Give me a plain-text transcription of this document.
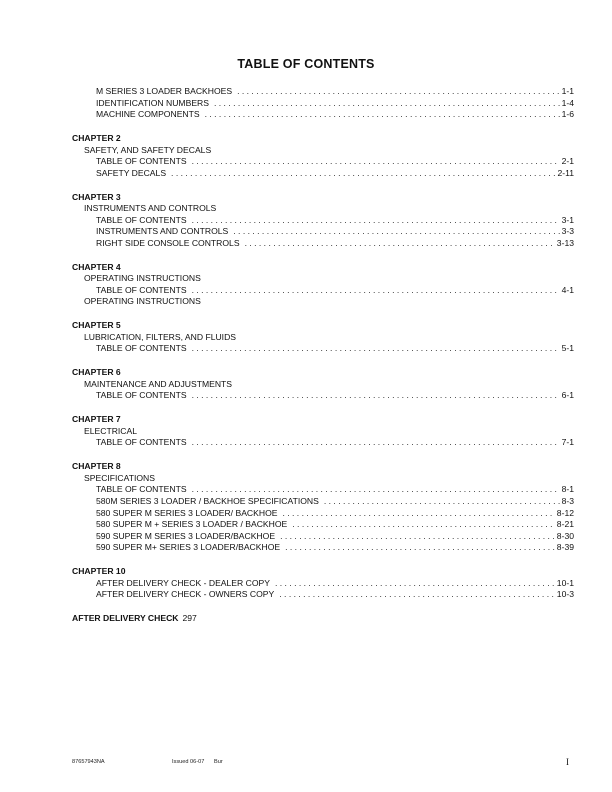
TABLE OF CONTENTS
M SERIES 3 LOADER BACKHOES . . .	1-1
IDENTIFICATION NUMBERS . . .	1-4
MACHINE COMPONENTS . . .	1-6
CHAPTER 2
SAFETY, AND SAFETY DECALS
TABLE OF CONTENTS . . .	2-1
SAFETY DECALS . . .	2-11
CHAPTER 3
INSTRUMENTS AND CONTROLS
TABLE OF CONTENTS . . .	3-1
INSTRUMENTS AND CONTROLS . . .	3-3
RIGHT SIDE CONSOLE CONTROLS . . .	3-13
CHAPTER 4
OPERATING INSTRUCTIONS
TABLE OF CONTENTS . . .	4-1
OPERATING INSTRUCTIONS
CHAPTER 5
LUBRICATION, FILTERS, AND FLUIDS
TABLE OF CONTENTS . . .	5-1
CHAPTER 6
MAINTENANCE AND ADJUSTMENTS
TABLE OF CONTENTS . . .	6-1
CHAPTER 7
ELECTRICAL
TABLE OF CONTENTS . . .	7-1
CHAPTER 8
SPECIFICATIONS
TABLE OF CONTENTS . . .	8-1
580M SERIES 3 LOADER / BACKHOE SPECIFICATIONS . . .	8-3
580 SUPER M SERIES 3 LOADER/ BACKHOE . . .	8-12
580 SUPER M + SERIES 3 LOADER / BACKHOE . . .	8-21
590 SUPER M SERIES 3 LOADER/BACKHOE . . .	8-30
590 SUPER M+ SERIES 3 LOADER/BACKHOE . . .	8-39
CHAPTER 10
AFTER DELIVERY CHECK - DEALER COPY . . .	10-1
AFTER DELIVERY CHECK - OWNERS COPY . . .	10-3
AFTER DELIVERY CHECK 297
87657943NA	Issued 06-07 Bur	I
